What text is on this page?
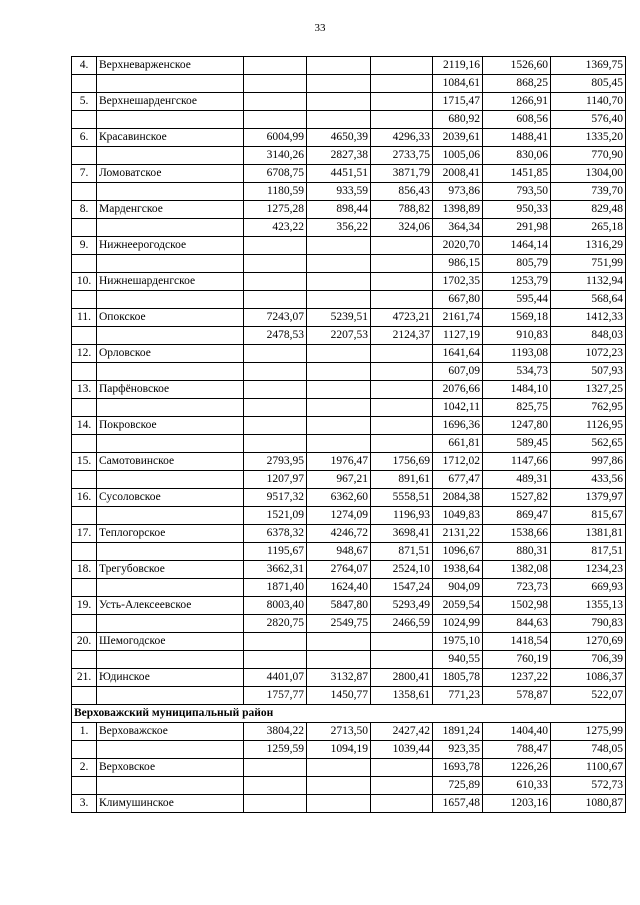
33
4.	Верхневарженское				2119,16	1526,60	1369,75
					1084,61	868,25	805,45
5.	Верхнешарденгское				1715,47	1266,91	1140,70
					680,92	608,56	576,40
6.	Красавинское	6004,99	4650,39	4296,33	2039,61	1488,41	1335,20
		3140,26	2827,38	2733,75	1005,06	830,06	770,90
7.	Ломоватское	6708,75	4451,51	3871,79	2008,41	1451,85	1304,00
		1180,59	933,59	856,43	973,86	793,50	739,70
8.	Марденгское	1275,28	898,44	788,82	1398,89	950,33	829,48
		423,22	356,22	324,06	364,34	291,98	265,18
9.	Нижнеерогодское				2020,70	1464,14	1316,29
					986,15	805,79	751,99
10.	Нижнешарденгское				1702,35	1253,79	1132,94
					667,80	595,44	568,64
11.	Опокское	7243,07	5239,51	4723,21	2161,74	1569,18	1412,33
		2478,53	2207,53	2124,37	1127,19	910,83	848,03
12.	Орловское				1641,64	1193,08	1072,23
					607,09	534,73	507,93
13.	Парфёновское				2076,66	1484,10	1327,25
					1042,11	825,75	762,95
14.	Покровское				1696,36	1247,80	1126,95
					661,81	589,45	562,65
15.	Самотовинское	2793,95	1976,47	1756,69	1712,02	1147,66	997,86
		1207,97	967,21	891,61	677,47	489,31	433,56
16.	Сусоловское	9517,32	6362,60	5558,51	2084,38	1527,82	1379,97
		1521,09	1274,09	1196,93	1049,83	869,47	815,67
17.	Теплогорское	6378,32	4246,72	3698,41	2131,22	1538,66	1381,81
		1195,67	948,67	871,51	1096,67	880,31	817,51
18.	Трегубовское	3662,31	2764,07	2524,10	1938,64	1382,08	1234,23
		1871,40	1624,40	1547,24	904,09	723,73	669,93
19.	Усть-Алексеевское	8003,40	5847,80	5293,49	2059,54	1502,98	1355,13
		2820,75	2549,75	2466,59	1024,99	844,63	790,83
20.	Шемогодское				1975,10	1418,54	1270,69
					940,55	760,19	706,39
21.	Юдинское	4401,07	3132,87	2800,41	1805,78	1237,22	1086,37
		1757,77	1450,77	1358,61	771,23	578,87	522,07
Верховажский муниципальный район							
1.	Верховажское	3804,22	2713,50	2427,42	1891,24	1404,40	1275,99
		1259,59	1094,19	1039,44	923,35	788,47	748,05
2.	Верховское				1693,78	1226,26	1100,67
					725,89	610,33	572,73
3.	Климушинское				1657,48	1203,16	1080,87
